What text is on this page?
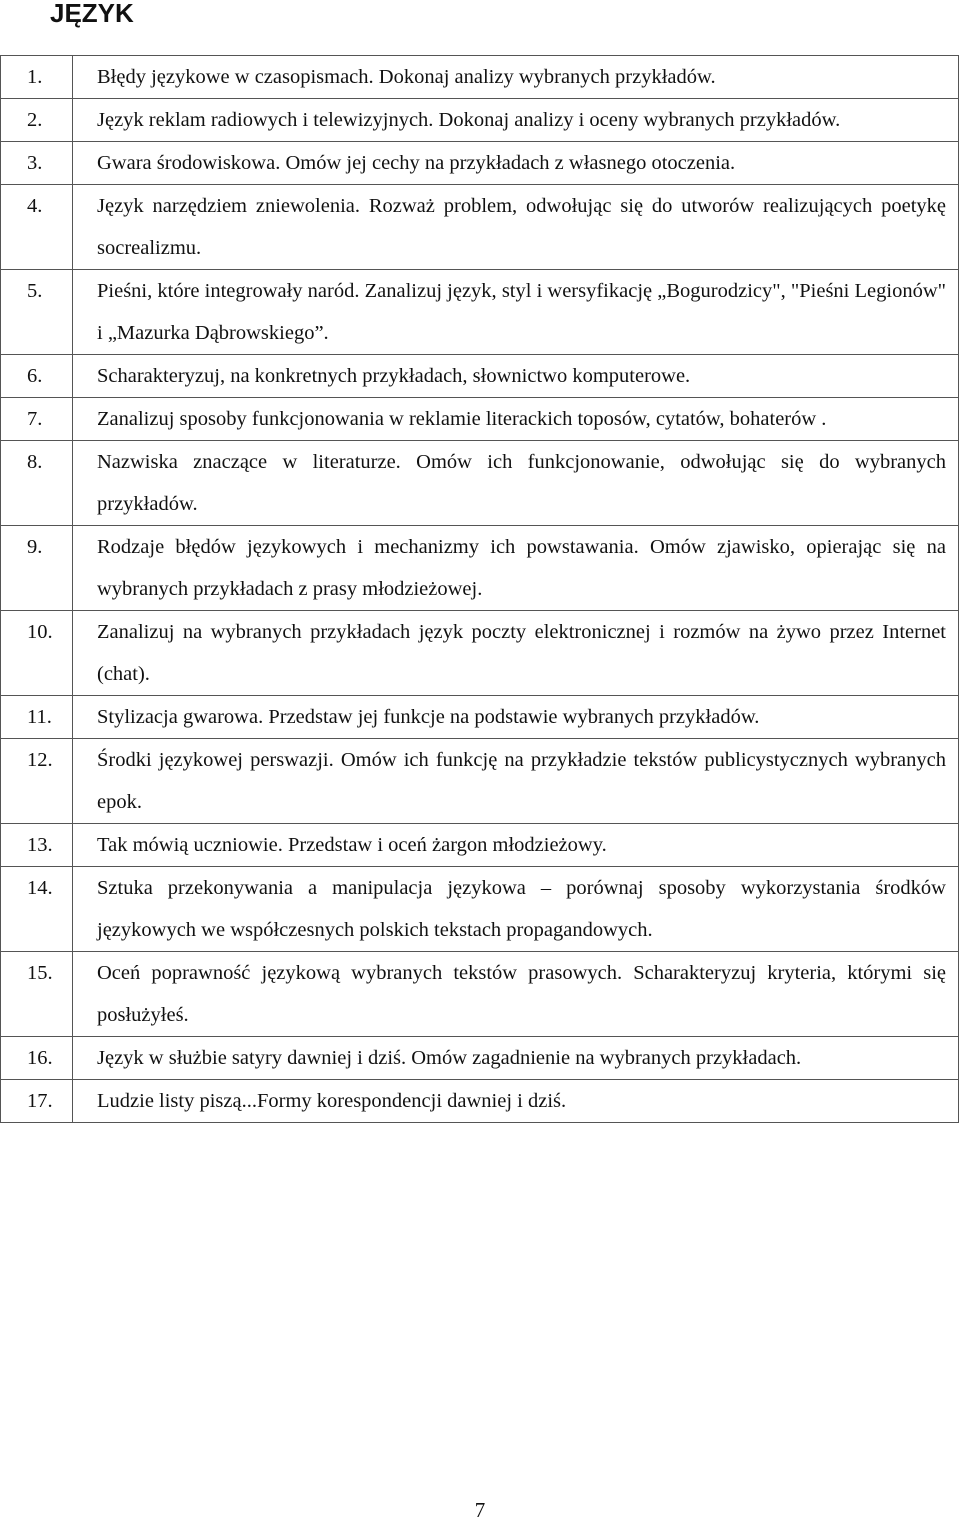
JĘZYK
1.	Błędy językowe w czasopismach. Dokonaj analizy wybranych przykładów.
2.	Język reklam radiowych i telewizyjnych. Dokonaj analizy i oceny wybranych przykładów.
3.	Gwara środowiskowa. Omów jej cechy na przykładach z własnego otoczenia.
4.	Język narzędziem zniewolenia. Rozważ problem, odwołując się do utworów realizujących poetykę socrealizmu.
5.	Pieśni, które integrowały naród. Zanalizuj język, styl i wersyfikację „Bogurodzicy", "Pieśni Legionów" i „Mazurka Dąbrowskiego”.
6.	Scharakteryzuj, na konkretnych przykładach, słownictwo komputerowe.
7.	Zanalizuj sposoby funkcjonowania w reklamie literackich toposów, cytatów, bohaterów .
8.	Nazwiska znaczące w literaturze. Omów ich funkcjonowanie, odwołując się do wybranych przykładów.
9.	Rodzaje błędów językowych i mechanizmy ich powstawania. Omów zjawisko, opierając się na wybranych przykładach z prasy młodzieżowej.
10.	Zanalizuj na wybranych przykładach język poczty elektronicznej i rozmów na żywo przez Internet (chat).
11.	Stylizacja gwarowa. Przedstaw jej funkcje na podstawie wybranych przykładów.
12.	Środki językowej perswazji. Omów ich funkcję na przykładzie tekstów publicystycznych wybranych epok.
13.	Tak mówią uczniowie. Przedstaw i oceń żargon młodzieżowy.
14.	Sztuka przekonywania a manipulacja językowa – porównaj sposoby wykorzystania środków językowych we współczesnych polskich tekstach propagandowych.
15.	Oceń poprawność językową wybranych tekstów prasowych. Scharakteryzuj kryteria, którymi się posłużyłeś.
16.	Język w służbie satyry dawniej i dziś. Omów zagadnienie na wybranych przykładach.
17.	Ludzie listy piszą...Formy korespondencji dawniej i dziś.
7
